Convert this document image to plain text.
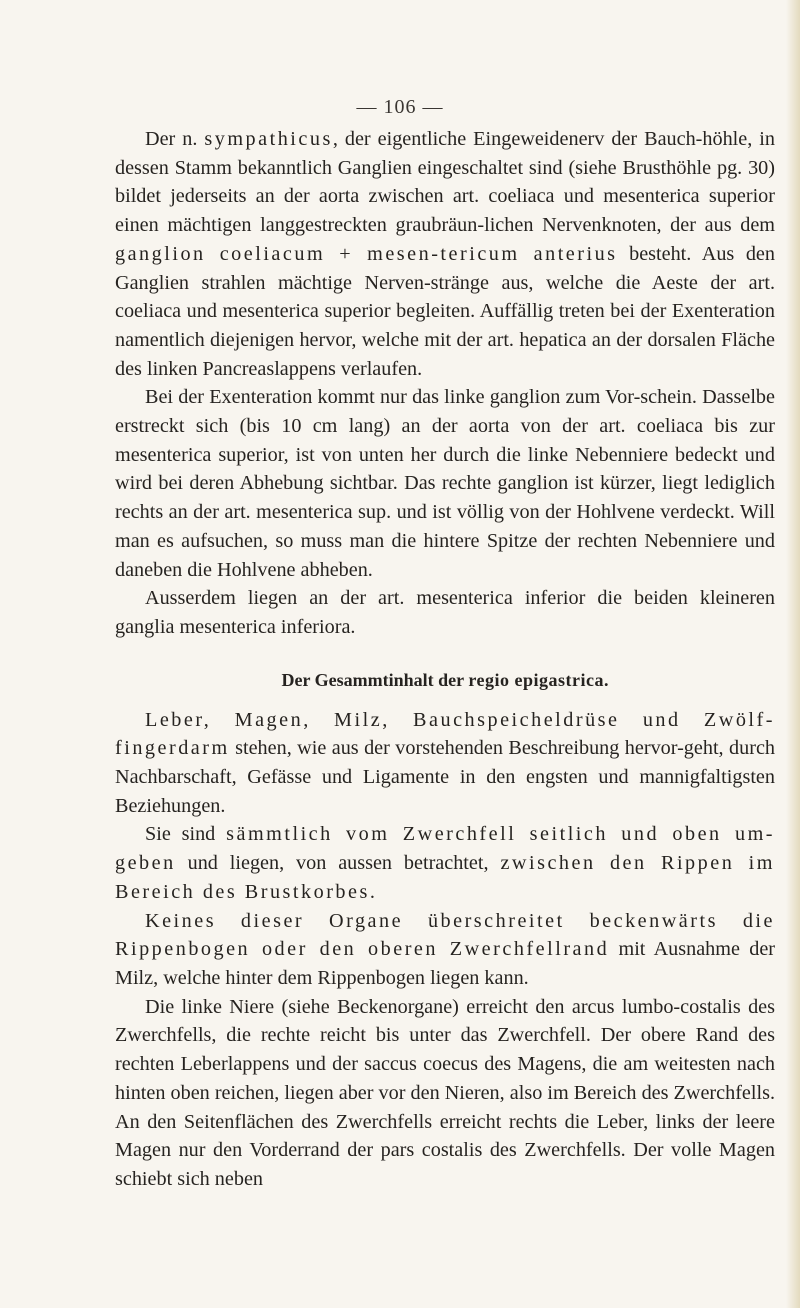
— 106 —

Der n. sympathicus, der eigentliche Eingeweidenerv der Bauch-höhle, in dessen Stamm bekanntlich Ganglien eingeschaltet sind (siehe Brusthöhle pg. 30) bildet jederseits an der aorta zwischen art. coeliaca und mesenterica superior einen mächtigen langgestreckten graubräun-lichen Nervenknoten, der aus dem ganglion coeliacum + mesen-tericum anterius besteht. Aus den Ganglien strahlen mächtige Nerven-stränge aus, welche die Aeste der art. coeliaca und mesenterica superior begleiten. Auffällig treten bei der Exenteration namentlich diejenigen hervor, welche mit der art. hepatica an der dorsalen Fläche des linken Pancreaslappens verlaufen.

Bei der Exenteration kommt nur das linke ganglion zum Vor-schein. Dasselbe erstreckt sich (bis 10 cm lang) an der aorta von der art. coeliaca bis zur mesenterica superior, ist von unten her durch die linke Nebenniere bedeckt und wird bei deren Abhebung sichtbar. Das rechte ganglion ist kürzer, liegt lediglich rechts an der art. mesenterica sup. und ist völlig von der Hohlvene verdeckt. Will man es aufsuchen, so muss man die hintere Spitze der rechten Nebenniere und daneben die Hohlvene abheben.

Ausserdem liegen an der art. mesenterica inferior die beiden kleineren ganglia mesenterica inferiora.

Der Gesammtinhalt der regio epigastrica.

Leber, Magen, Milz, Bauchspeicheldrüse und Zwölf-fingerdarm stehen, wie aus der vorstehenden Beschreibung hervor-geht, durch Nachbarschaft, Gefässe und Ligamente in den engsten und mannigfaltigsten Beziehungen.

Sie sind sämmtlich vom Zwerchfell seitlich und oben um-geben und liegen, von aussen betrachtet, zwischen den Rippen im Bereich des Brustkorbes.

Keines dieser Organe überschreitet beckenwärts die Rippenbogen oder den oberen Zwerchfellrand mit Ausnahme der Milz, welche hinter dem Rippenbogen liegen kann.

Die linke Niere (siehe Beckenorgane) erreicht den arcus lumbo-costalis des Zwerchfells, die rechte reicht bis unter das Zwerchfell. Der obere Rand des rechten Leberlappens und der saccus coecus des Magens, die am weitesten nach hinten oben reichen, liegen aber vor den Nieren, also im Bereich des Zwerchfells. An den Seitenflächen des Zwerchfells erreicht rechts die Leber, links der leere Magen nur den Vorderrand der pars costalis des Zwerchfells. Der volle Magen schiebt sich neben
